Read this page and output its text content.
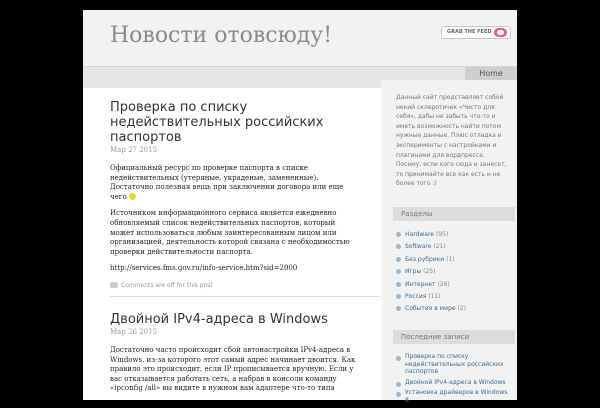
Новости отовсюду!	GRAB THE FEED
Home
Проверка по списку недействительных российских паспортов
Мар 27 2015

Официальный ресурс по проверке паспорта в списке недействительных (утеряные, украденые, замененные). Достаточно полезная вещь при заключении договора или еще чего

Источником информационного сервиса является ежедневно обновляемый список недействительных паспортов, который может использоваться любым заинтересованным лицом или организацией, деятельность которой связана с необходимостью проверки действительности паспорта.

http://services.fms.gov.ru/info-service.htm?sid=2000

Comments are off for this post
Двойной IPv4-адреса в Windows
Мар 26 2015

Достаточно часто происходит сбой автонастройки IPv4-адреса в Windows, из-за которого этот самый адрес начинает двоится. Как правило это происходит, если IP прописывается вручную. Если у вас отказывается работать сеть, а набрав в консоли команду «ipconfig /all» вы видите в нужном вам адаптере что-то типа

Данный сайт представляет собой некий склеротичек «Чисто для себя», дабы не забыть что-то и иметь возможность найти потом нужные данные. Плюс отладка и эксперименты с настройками и плагинами для вордпресса. Посему, если кого сюда и занесет, то принимайте все как есть и не более того :)
Разделы
Hardware (95)
Software (21)
Без рубрики (1)
Игры (25)
Интернет (26)
Россия (11)
События в мире (2)
Последние записи
Проверка по списку недействительных российских паспортов
Двойной IPv4-адреса в Windows
Установка драйверов в Windows 8
